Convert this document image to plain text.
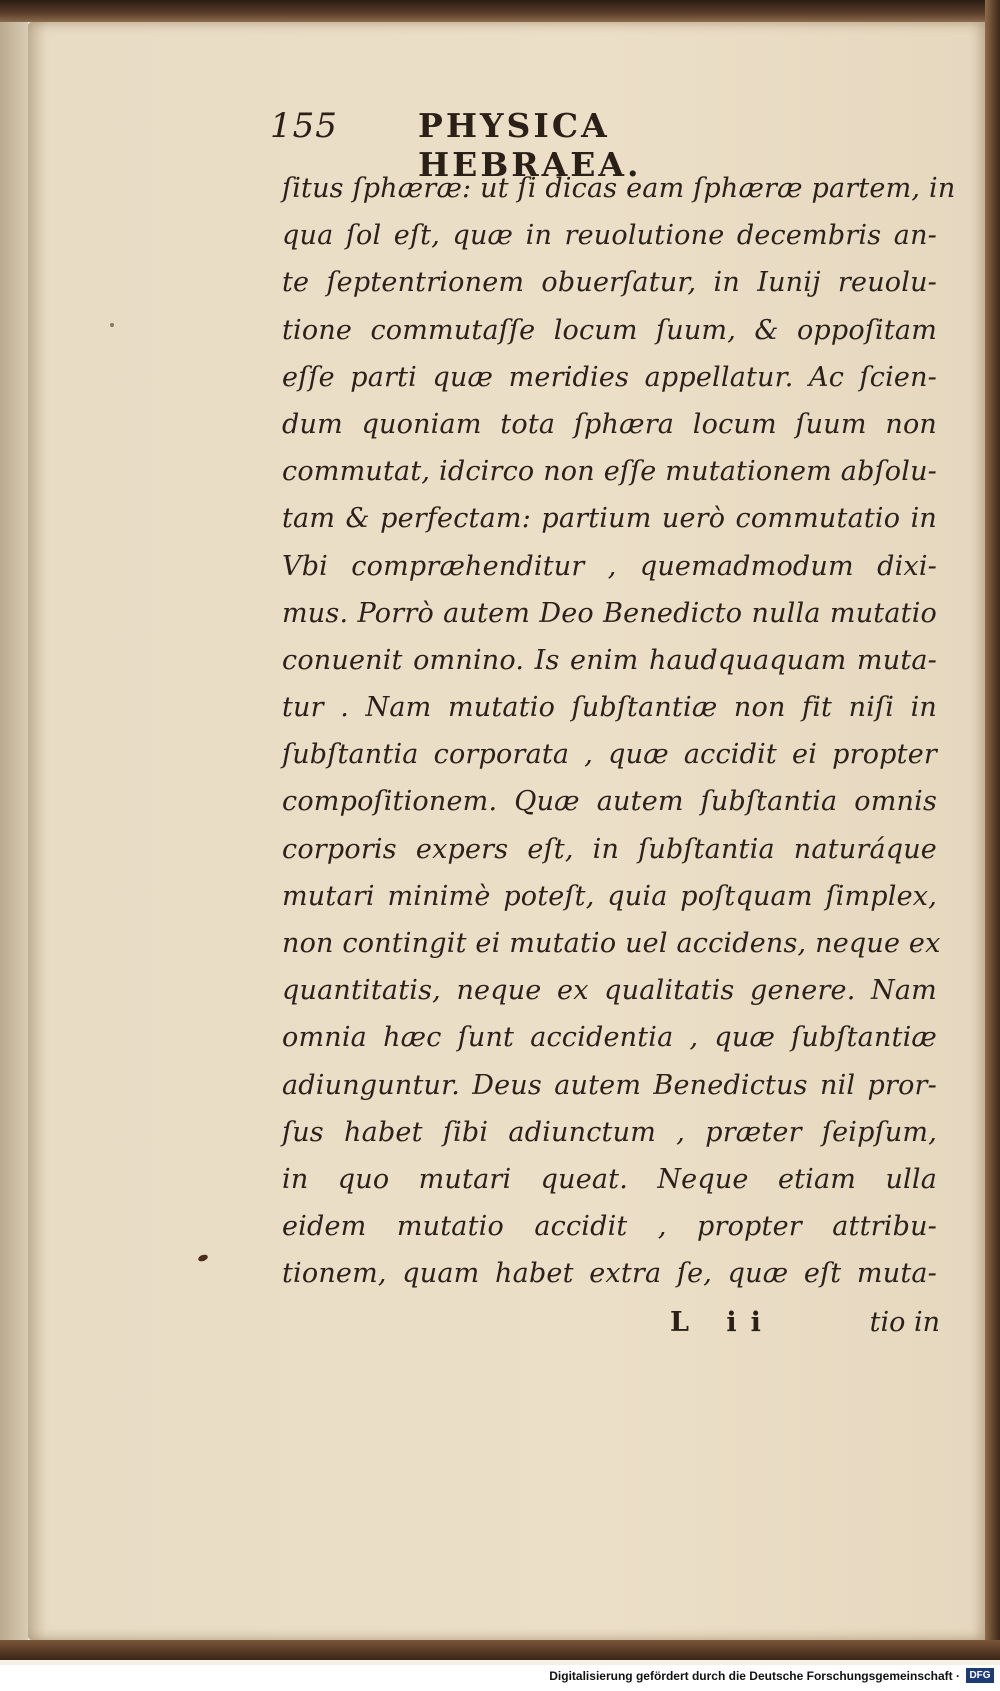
155 PHYSICA HEBRAEA.
ſitus ſphæræ: ut ſi dicas eam ſphæræ partem, in
qua ſol eſt, quæ in reuolutione decembris an-
te ſeptentrionem obuerſatur, in Iunij reuolu-
tione commutaſſe locum ſuum, & oppoſitam
eſſe parti quæ meridies appellatur. Ac ſcien-
dum quoniam tota ſphæra locum ſuum non
commutat, idcirco non eſſe mutationem abſolu-
tam & perfectam: partium uerò commutatio in
Vbi compræhenditur , quemadmodum dixi-
mus. Porrò autem Deo Benedicto nulla mutatio
conuenit omnino. Is enim haudquaquam muta-
tur . Nam mutatio ſubſtantiæ non fit niſi in
ſubſtantia corporata , quæ accidit ei propter
compoſitionem. Quæ autem ſubſtantia omnis
corporis expers eſt, in ſubſtantia naturáque
mutari minimè poteſt, quia poſtquam ſimplex,
non contingit ei mutatio uel accidens, neque ex
quantitatis, neque ex qualitatis genere. Nam
omnia hæc ſunt accidentia , quæ ſubſtantiæ
adiunguntur. Deus autem Benedictus nil pror-
ſus habet ſibi adiunctum , præter ſeipſum,
in quo mutari queat. Neque etiam ulla
eidem mutatio accidit , propter attribu-
tionem, quam habet extra ſe, quæ eſt muta-
L ii	tio in
Digitalisierung gefördert durch die Deutsche Forschungsgemeinschaft · DFG
